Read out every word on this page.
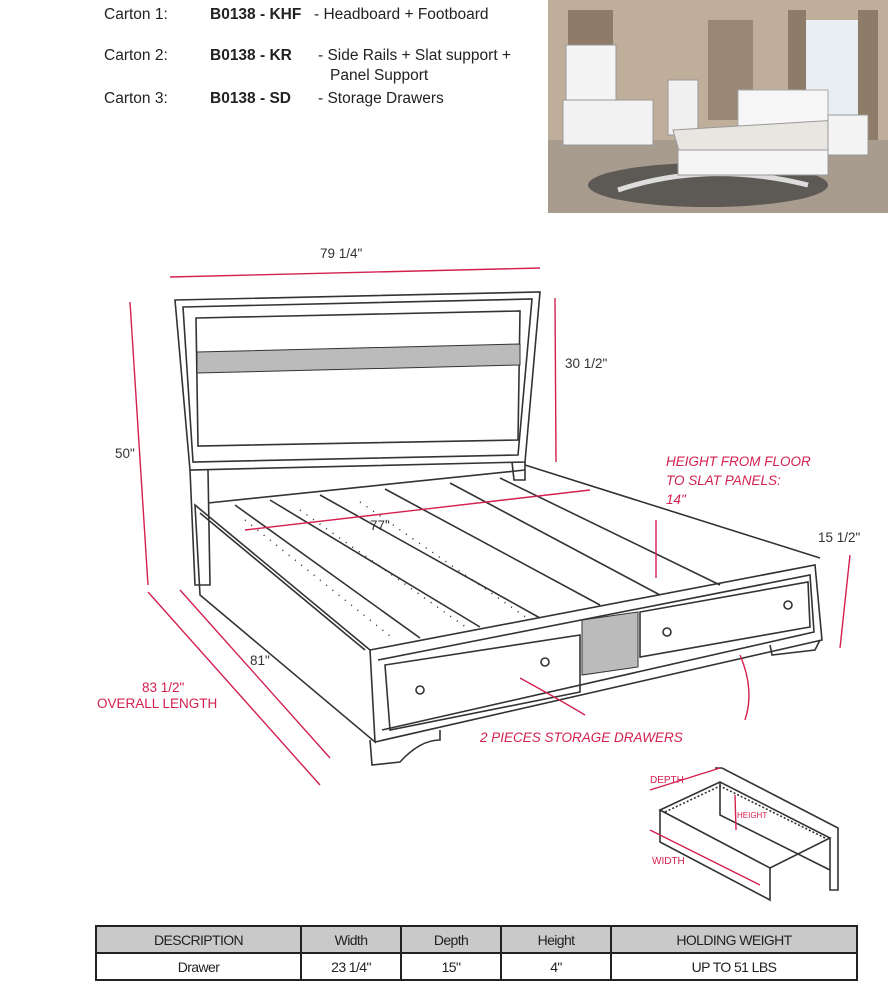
Carton 1:	B0138 - KHF - Headboard + Footboard
Carton 2:	B0138 - KR - Side Rails + Slat support +
Panel Support
Carton 3:	B0138 - SD - Storage Drawers
79 1/4"
30 1/2"
50"
77"
81"
83 1/2"
OVERALL LENGTH
15 1/2"
HEIGHT FROM FLOOR
TO SLAT PANELS:
14"
2 PIECES STORAGE DRAWERS
DEPTH
HEIGHT
WIDTH
DESCRIPTION	Width	Depth	Height	HOLDING WEIGHT
Drawer	23 1/4"	15"	4"	UP TO 51 LBS
